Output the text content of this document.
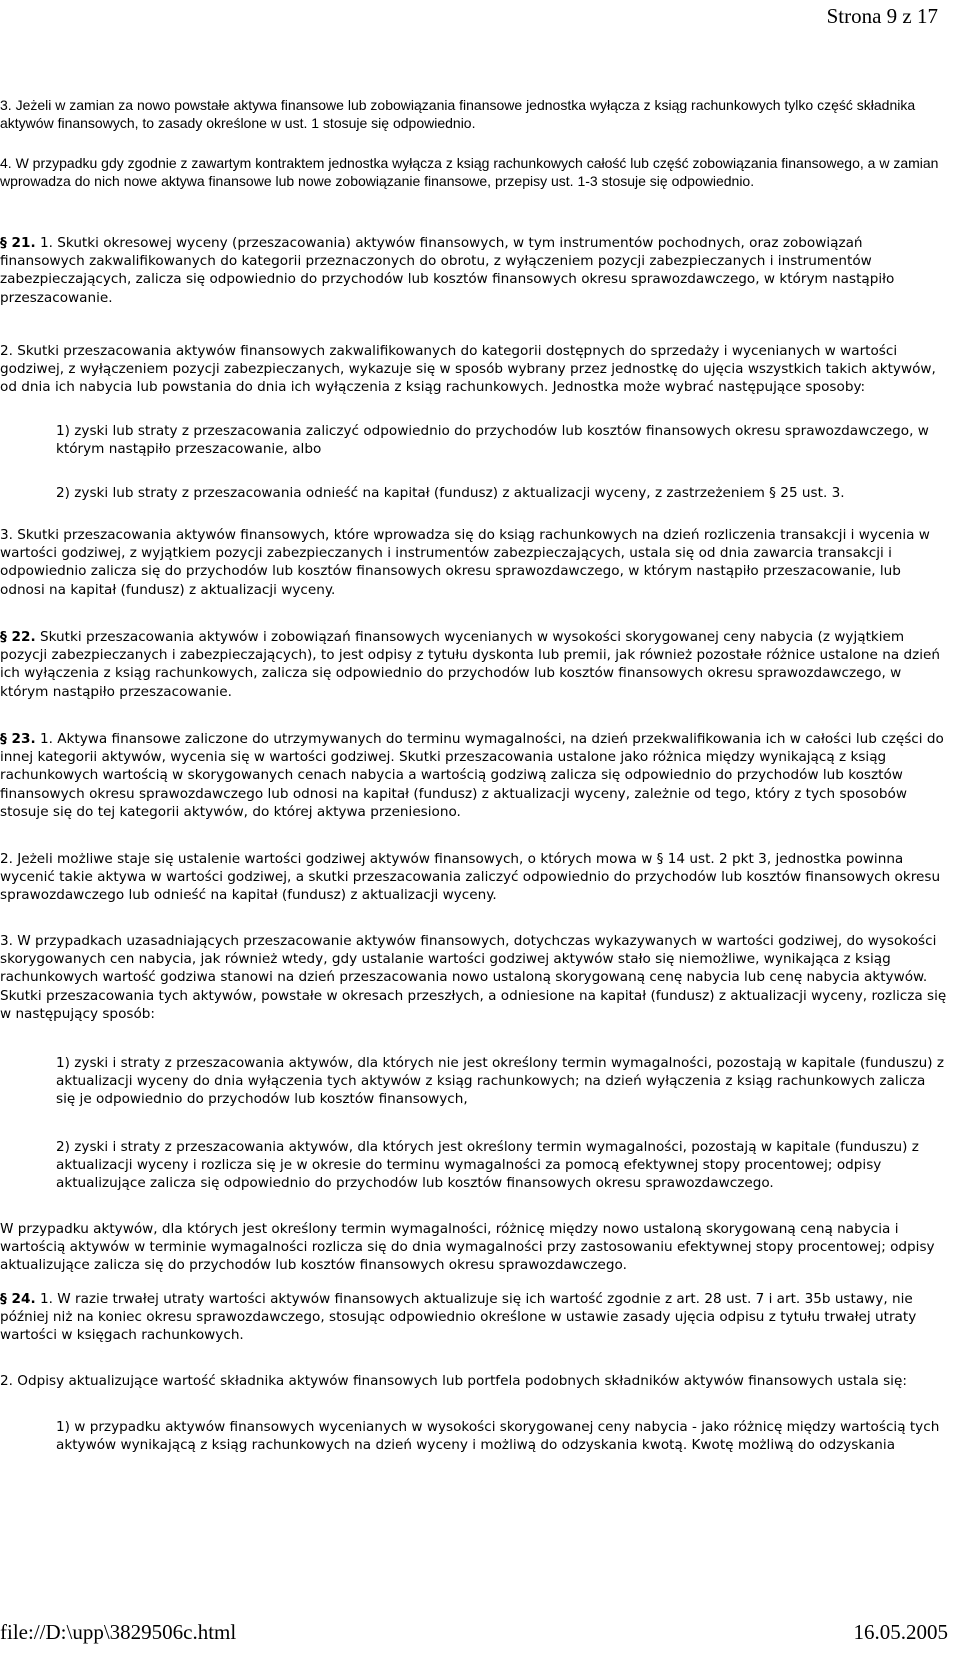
Strona 9 z 17

3. Jeżeli w zamian za nowo powstałe aktywa finansowe lub zobowiązania finansowe jednostka wyłącza z ksiąg rachunkowych tylko część składnika aktywów finansowych, to zasady określone w ust. 1 stosuje się odpowiednio.

4. W przypadku gdy zgodnie z zawartym kontraktem jednostka wyłącza z ksiąg rachunkowych całość lub część zobowiązania finansowego, a w zamian wprowadza do nich nowe aktywa finansowe lub nowe zobowiązanie finansowe, przepisy ust. 1-3 stosuje się odpowiednio.

§ 21. 1. Skutki okresowej wyceny (przeszacowania) aktywów finansowych, w tym instrumentów pochodnych, oraz zobowiązań finansowych zakwalifikowanych do kategorii przeznaczonych do obrotu, z wyłączeniem pozycji zabezpieczanych i instrumentów zabezpieczających, zalicza się odpowiednio do przychodów lub kosztów finansowych okresu sprawozdawczego, w którym nastąpiło przeszacowanie.

2. Skutki przeszacowania aktywów finansowych zakwalifikowanych do kategorii dostępnych do sprzedaży i wycenianych w wartości godziwej, z wyłączeniem pozycji zabezpieczanych, wykazuje się w sposób wybrany przez jednostkę do ujęcia wszystkich takich aktywów, od dnia ich nabycia lub powstania do dnia ich wyłączenia z ksiąg rachunkowych. Jednostka może wybrać następujące sposoby:

1) zyski lub straty z przeszacowania zaliczyć odpowiednio do przychodów lub kosztów finansowych okresu sprawozdawczego, w którym nastąpiło przeszacowanie, albo

2) zyski lub straty z przeszacowania odnieść na kapitał (fundusz) z aktualizacji wyceny, z zastrzeżeniem § 25 ust. 3.

3. Skutki przeszacowania aktywów finansowych, które wprowadza się do ksiąg rachunkowych na dzień rozliczenia transakcji i wycenia w wartości godziwej, z wyjątkiem pozycji zabezpieczanych i instrumentów zabezpieczających, ustala się od dnia zawarcia transakcji i odpowiednio zalicza się do przychodów lub kosztów finansowych okresu sprawozdawczego, w którym nastąpiło przeszacowanie, lub odnosi na kapitał (fundusz) z aktualizacji wyceny.

§ 22. Skutki przeszacowania aktywów i zobowiązań finansowych wycenianych w wysokości skorygowanej ceny nabycia (z wyjątkiem pozycji zabezpieczanych i zabezpieczających), to jest odpisy z tytułu dyskonta lub premii, jak również pozostałe różnice ustalone na dzień ich wyłączenia z ksiąg rachunkowych, zalicza się odpowiednio do przychodów lub kosztów finansowych okresu sprawozdawczego, w którym nastąpiło przeszacowanie.

§ 23. 1. Aktywa finansowe zaliczone do utrzymywanych do terminu wymagalności, na dzień przekwalifikowania ich w całości lub części do innej kategorii aktywów, wycenia się w wartości godziwej. Skutki przeszacowania ustalone jako różnica między wynikającą z ksiąg rachunkowych wartością w skorygowanych cenach nabycia a wartością godziwą zalicza się odpowiednio do przychodów lub kosztów finansowych okresu sprawozdawczego lub odnosi na kapitał (fundusz) z aktualizacji wyceny, zależnie od tego, który z tych sposobów stosuje się do tej kategorii aktywów, do której aktywa przeniesiono.

2. Jeżeli możliwe staje się ustalenie wartości godziwej aktywów finansowych, o których mowa w § 14 ust. 2 pkt 3, jednostka powinna wycenić takie aktywa w wartości godziwej, a skutki przeszacowania zaliczyć odpowiednio do przychodów lub kosztów finansowych okresu sprawozdawczego lub odnieść na kapitał (fundusz) z aktualizacji wyceny.

3. W przypadkach uzasadniających przeszacowanie aktywów finansowych, dotychczas wykazywanych w wartości godziwej, do wysokości skorygowanych cen nabycia, jak również wtedy, gdy ustalanie wartości godziwej aktywów stało się niemożliwe, wynikająca z ksiąg rachunkowych wartość godziwa stanowi na dzień przeszacowania nowo ustaloną skorygowaną cenę nabycia lub cenę nabycia aktywów. Skutki przeszacowania tych aktywów, powstałe w okresach przeszłych, a odniesione na kapitał (fundusz) z aktualizacji wyceny, rozlicza się w następujący sposób:

1) zyski i straty z przeszacowania aktywów, dla których nie jest określony termin wymagalności, pozostają w kapitale (funduszu) z aktualizacji wyceny do dnia wyłączenia tych aktywów z ksiąg rachunkowych; na dzień wyłączenia z ksiąg rachunkowych zalicza się je odpowiednio do przychodów lub kosztów finansowych,

2) zyski i straty z przeszacowania aktywów, dla których jest określony termin wymagalności, pozostają w kapitale (funduszu) z aktualizacji wyceny i rozlicza się je w okresie do terminu wymagalności za pomocą efektywnej stopy procentowej; odpisy aktualizujące zalicza się odpowiednio do przychodów lub kosztów finansowych okresu sprawozdawczego.

W przypadku aktywów, dla których jest określony termin wymagalności, różnicę między nowo ustaloną skorygowaną ceną nabycia i wartością aktywów w terminie wymagalności rozlicza się do dnia wymagalności przy zastosowaniu efektywnej stopy procentowej; odpisy aktualizujące zalicza się do przychodów lub kosztów finansowych okresu sprawozdawczego.

§ 24. 1. W razie trwałej utraty wartości aktywów finansowych aktualizuje się ich wartość zgodnie z art. 28 ust. 7 i art. 35b ustawy, nie później niż na koniec okresu sprawozdawczego, stosując odpowiednio określone w ustawie zasady ujęcia odpisu z tytułu trwałej utraty wartości w księgach rachunkowych.

2. Odpisy aktualizujące wartość składnika aktywów finansowych lub portfela podobnych składników aktywów finansowych ustala się:

1) w przypadku aktywów finansowych wycenianych w wysokości skorygowanej ceny nabycia - jako różnicę między wartością tych aktywów wynikającą z ksiąg rachunkowych na dzień wyceny i możliwą do odzyskania kwotą. Kwotę możliwą do odzyskania

file://D:\upp\3829506c.html	16.05.2005
